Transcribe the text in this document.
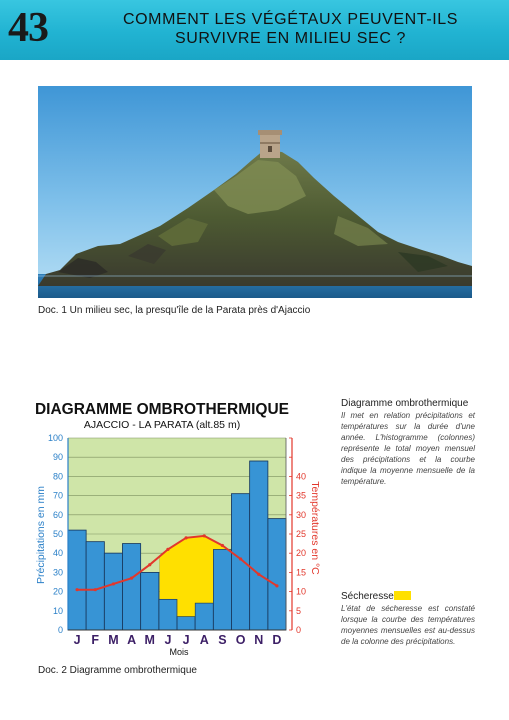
43	COMMENT LES VÉGÉTAUX PEUVENT-ILS SURVIVRE EN MILIEU SEC ?
Doc. 1 Un milieu sec, la presqu'île de la Parata près d'Ajaccio
DIAGRAMME OMBROTHERMIQUE
AJACCIO - LA PARATA (alt.85 m)
Précipitations en mm	Températures en °C
Mois
0
10
20
30
40
50
60
70
80
90
100
0
5
10
15
20
25
30
35
40
J F M A M J J A S O N D
Doc. 2 Diagramme ombrothermique
Diagramme ombrothermique
Il met en relation précipitations et températures sur la durée d'une année. L'histogramme (colonnes) représente le total moyen mensuel des précipitations et la courbe indique la moyenne mensuelle de la température.
Sécheresse
L'état de sécheresse est constaté lorsque la courbe des températures moyennes mensuelles est au-dessus de la colonne des précipitations.
